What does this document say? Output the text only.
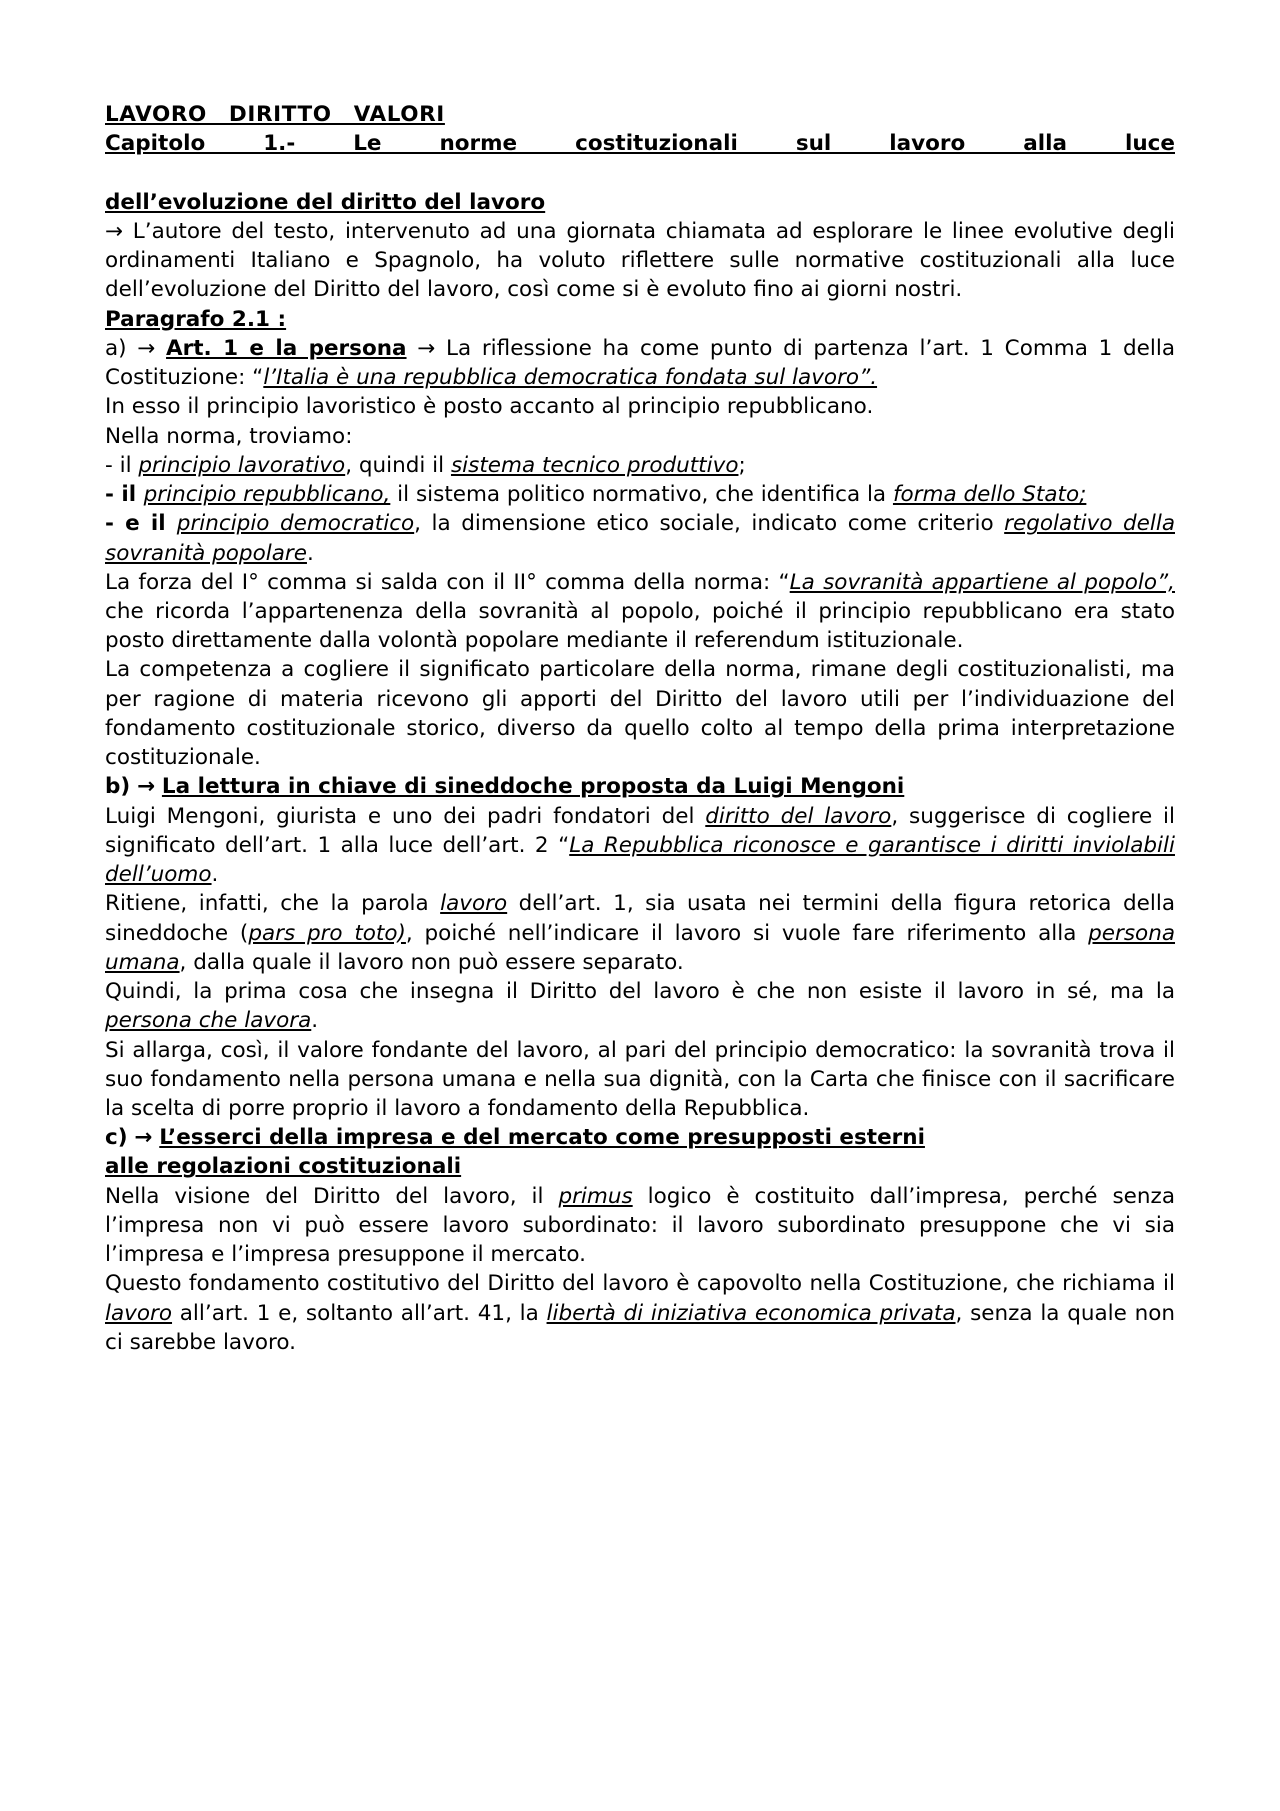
LAVORO DIRITTO VALORI

Capitolo 1.- Le norme costituzionali sul lavoro alla luce
dell’evoluzione del diritto del lavoro

→ L’autore del testo, intervenuto ad una giornata chiamata ad esplorare le linee evolutive degli ordinamenti Italiano e Spagnolo, ha voluto riflettere sulle normative costituzionali alla luce dell’evoluzione del Diritto del lavoro, così come si è evoluto fino ai giorni nostri.

Paragrafo 2.1 :

a) → Art. 1 e la persona → La riflessione ha come punto di partenza l’art. 1 Comma 1 della Costituzione: “l’Italia è una repubblica democratica fondata sul lavoro”.

In esso il principio lavoristico è posto accanto al principio repubblicano.

Nella norma, troviamo:

- il principio lavorativo, quindi il sistema tecnico produttivo;

- il principio repubblicano, il sistema politico normativo, che identifica la forma dello Stato;

- e il principio democratico, la dimensione etico sociale, indicato come criterio regolativo della sovranità popolare.

La forza del I° comma si salda con il II° comma della norma: “La sovranità appartiene al popolo”, che ricorda l’appartenenza della sovranità al popolo, poiché il principio repubblicano era stato posto direttamente dalla volontà popolare mediante il referendum istituzionale.

La competenza a cogliere il significato particolare della norma, rimane degli costituzionalisti, ma per ragione di materia ricevono gli apporti del Diritto del lavoro utili per l’individuazione del fondamento costituzionale storico, diverso da quello colto al tempo della prima interpretazione costituzionale.

b) → La lettura in chiave di sineddoche proposta da Luigi Mengoni

Luigi Mengoni, giurista e uno dei padri fondatori del diritto del lavoro, suggerisce di cogliere il significato dell’art. 1 alla luce dell’art. 2 “La Repubblica riconosce e garantisce i diritti inviolabili dell’uomo.

Ritiene, infatti, che la parola lavoro dell’art. 1, sia usata nei termini della figura retorica della sineddoche (pars pro toto), poiché nell’indicare il lavoro si vuole fare riferimento alla persona umana, dalla quale il lavoro non può essere separato.

Quindi, la prima cosa che insegna il Diritto del lavoro è che non esiste il lavoro in sé, ma la persona che lavora.

Si allarga, così, il valore fondante del lavoro, al pari del principio democratico: la sovranità trova il suo fondamento nella persona umana e nella sua dignità, con la Carta che finisce con il sacrificare la scelta di porre proprio il lavoro a fondamento della Repubblica.

c) → L’esserci della impresa e del mercato come presupposti esterni

alle regolazioni costituzionali

Nella visione del Diritto del lavoro, il primus logico è costituito dall’impresa, perché senza l’impresa non vi può essere lavoro subordinato: il lavoro subordinato presuppone che vi sia l’impresa e l’impresa presuppone il mercato.

Questo fondamento costitutivo del Diritto del lavoro è capovolto nella Costituzione, che richiama il lavoro all’art. 1 e, soltanto all’art. 41, la libertà di iniziativa economica privata, senza la quale non ci sarebbe lavoro.
